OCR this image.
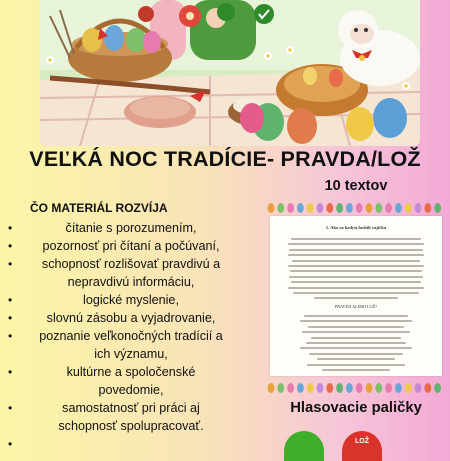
VEĽKÁ NOC TRADÍCIE- PRAVDA/LOŽ
ČO MATERIÁL ROZVÍJA
•	čítanie s porozumením,
• pozornosť pri čítaní a počúvaní,
• schopnosť rozlišovať pravdivú a
nepravdivú informáciu,
•	logické myslenie,
•	slovnú zásobu a vyjadrovanie,
• poznanie veľkonočných tradícií a
ich významu,
•	kultúrne a spoločenské
povedomie,
•	samostatnosť pri práci aj
schopnosť spolupracovať.
•
10 textov
1. Ako sa kedysi farbili vajíčka
PRAVDA ALEBO LOŽ?
Hlasovacie paličky
LOŽ
